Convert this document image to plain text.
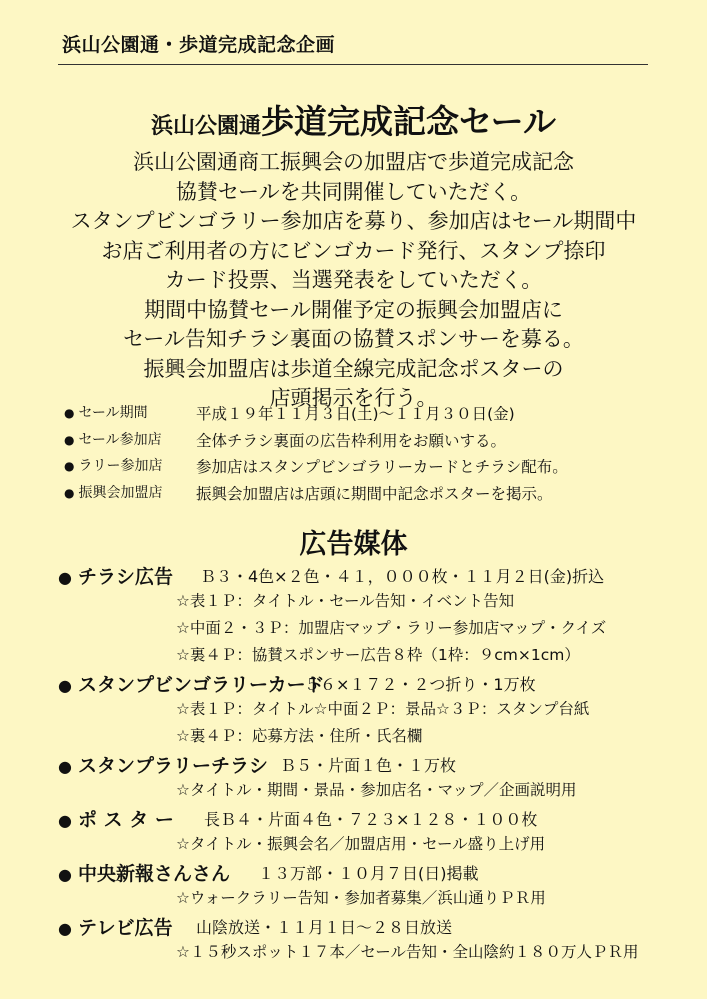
浜山公園通・歩道完成記念企画
浜山公園通歩道完成記念セール
浜山公園通商工振興会の加盟店で歩道完成記念
協賛セールを共同開催していただく。
スタンプビンゴラリー参加店を募り、参加店はセール期間中
お店ご利用者の方にビンゴカード発行、スタンプ捺印
カード投票、当選発表をしていただく。
期間中協賛セール開催予定の振興会加盟店に
セール告知チラシ裏面の協賛スポンサーを募る。
振興会加盟店は歩道全線完成記念ポスターの
店頭掲示を行う。
● セール期間	平成１９年１１月３日(土)～１１月３０日(金)
● セール参加店 全体チラシ裏面の広告枠利用をお願いする。
● ラリー参加店 参加店はスタンプビンゴラリーカードとチラシ配布。
● 振興会加盟店 振興会加盟店は店頭に期間中記念ポスターを掲示。
広告媒体
● チラシ広告 Ｂ３・4色×２色・４１，０００枚・１１月２日(金)折込
☆表１Ｐ：タイトル・セール告知・イベント告知
☆中面２・３Ｐ：加盟店マップ・ラリー参加店マップ・クイズ
☆裏４Ｐ：協賛スポンサー広告８枠（1枠：９cm×1cm）
● スタンプビンゴラリーカード
５６×１７２・２つ折り・1万枚
☆表１Ｐ：タイトル☆中面２Ｐ：景品☆３Ｐ：スタンプ台紙
☆裏４Ｐ：応募方法・住所・氏名欄
● スタンプラリーチラシ Ｂ５・片面１色・１万枚
☆タイトル・期間・景品・参加店名・マップ／企画説明用
● ポ ス タ ー 長Ｂ４・片面４色・７２３×１２８・１００枚
☆タイトル・振興会名／加盟店用・セール盛り上げ用
● 中央新報さんさん １３万部・１０月７日(日)掲載
☆ウォークラリー告知・参加者募集／浜山通りＰＲ用
● テレビ広告 山陰放送・１１月１日～２８日放送
☆１５秒スポット１７本／セール告知・全山陰約１８０万人ＰＲ用
